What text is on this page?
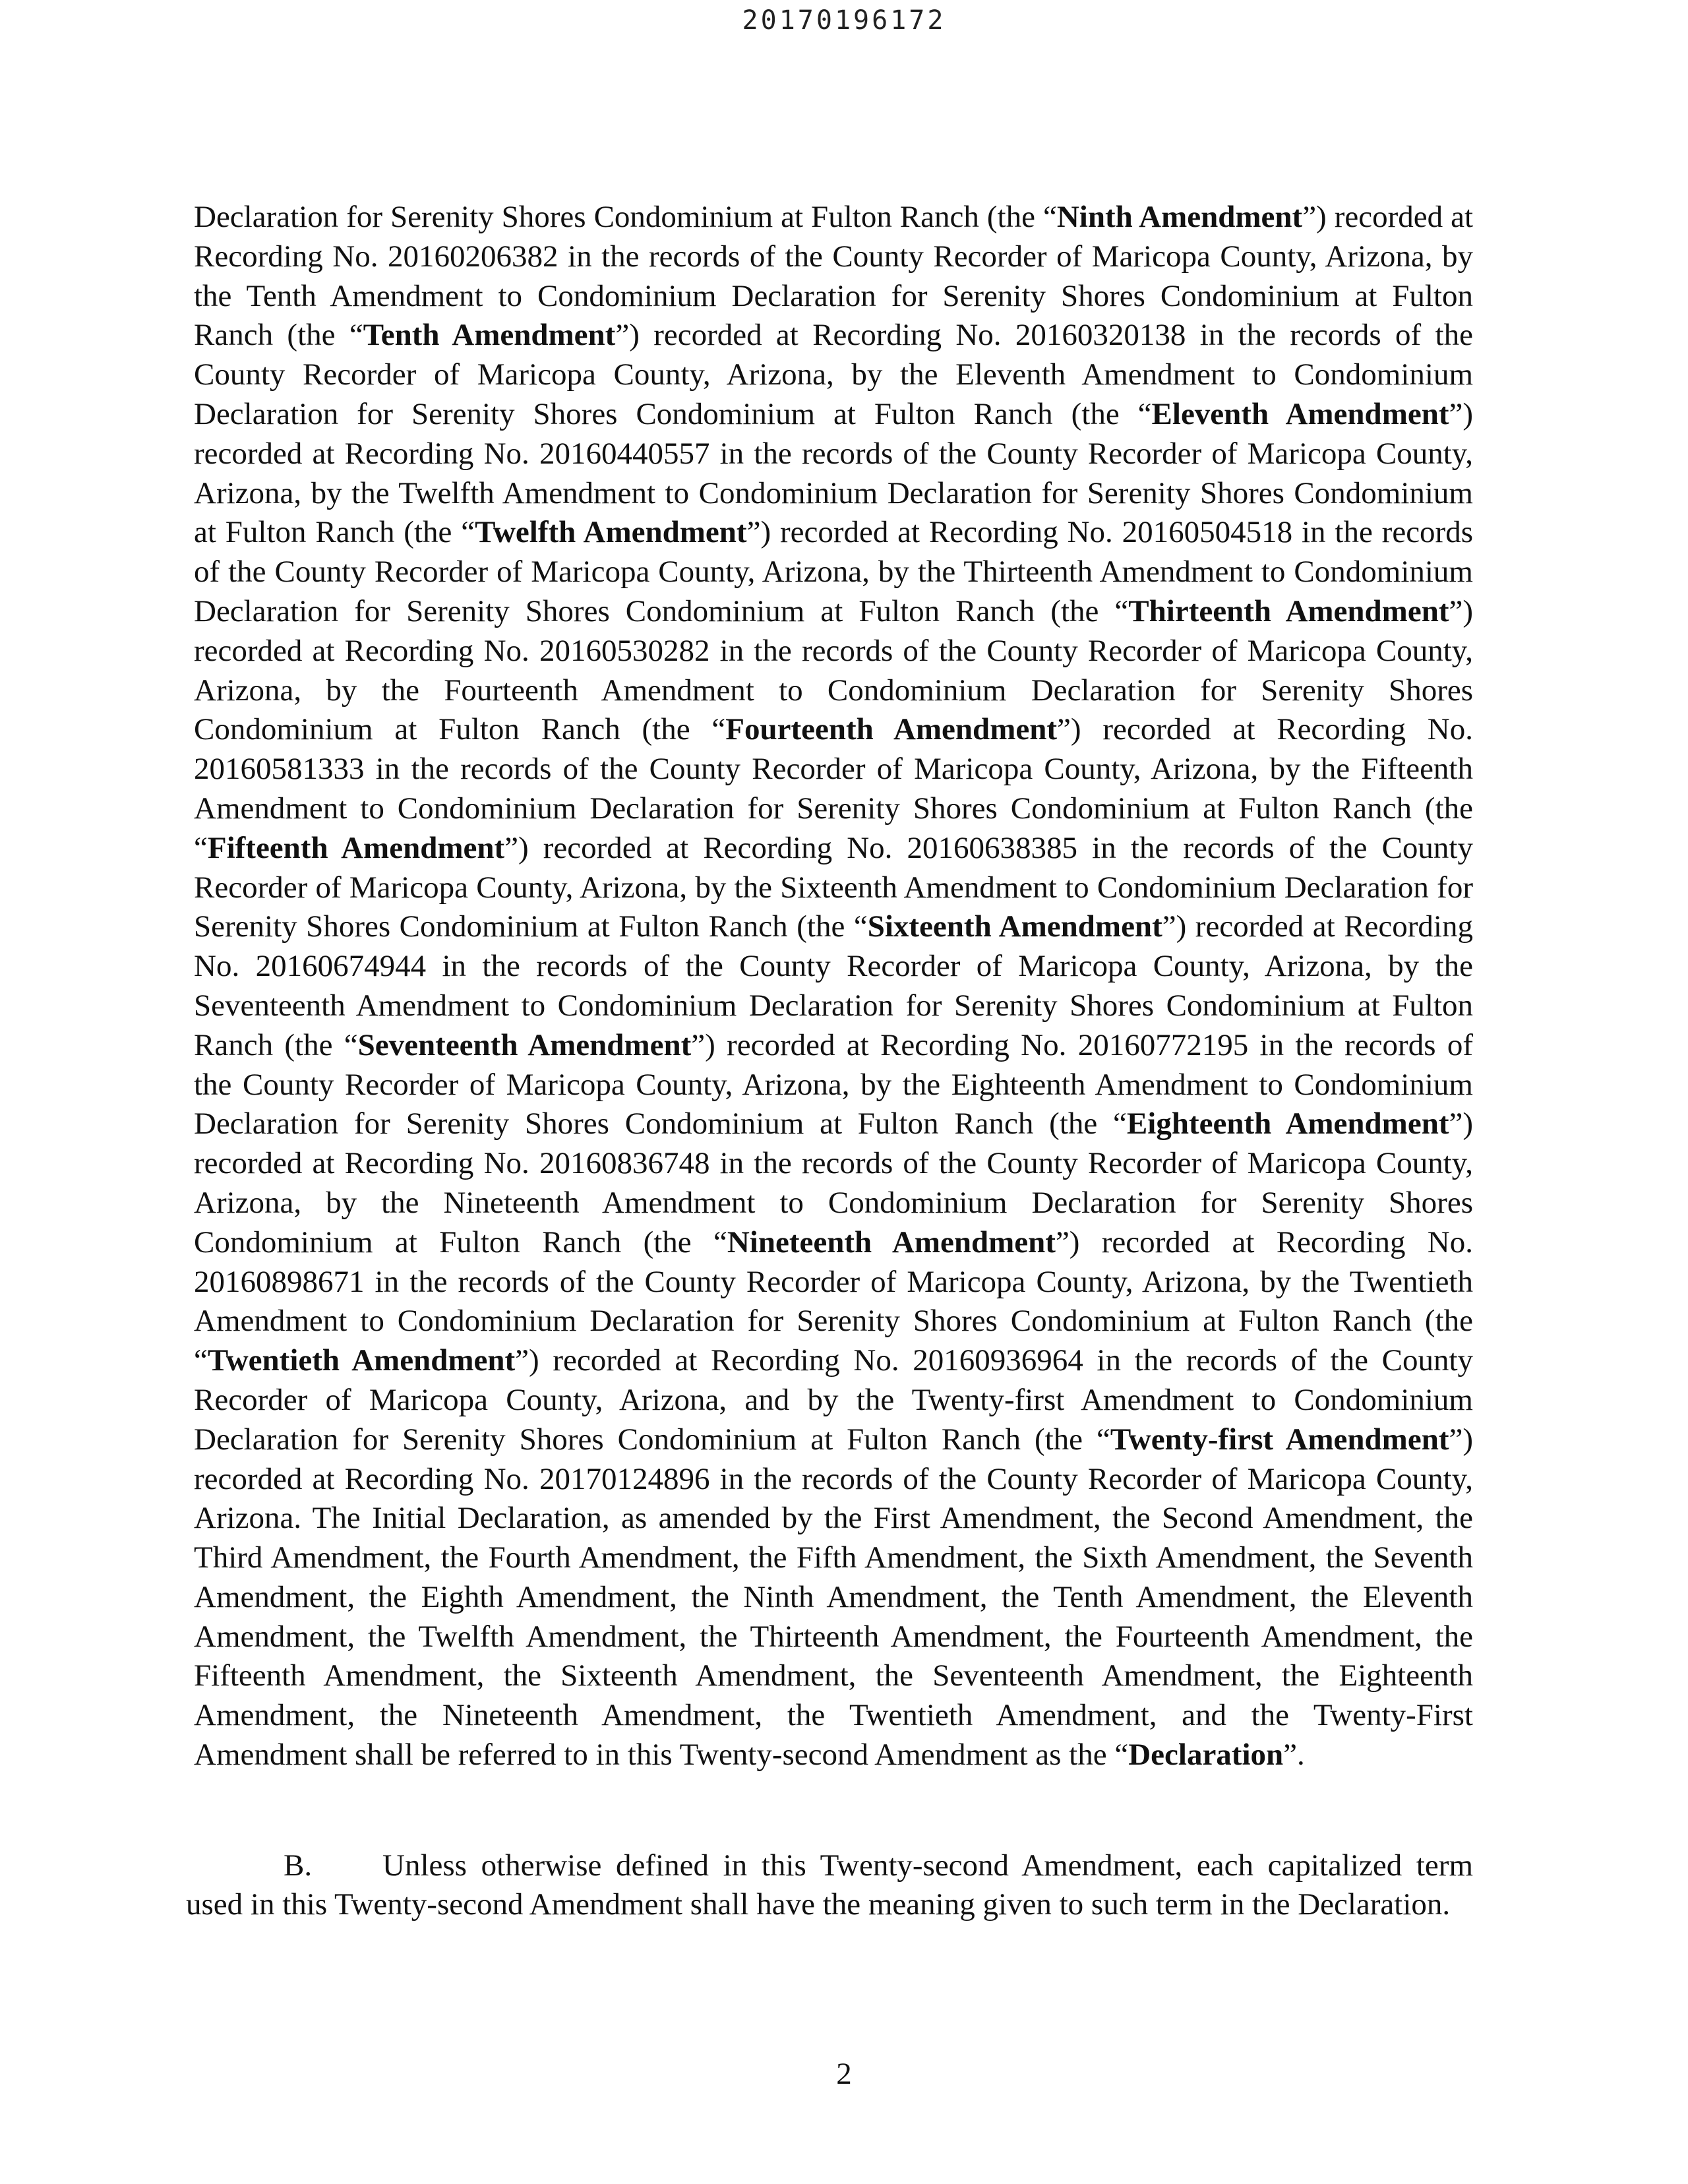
20170196172

Declaration for Serenity Shores Condominium at Fulton Ranch (the “Ninth Amendment”) recorded at Recording No. 20160206382 in the records of the County Recorder of Maricopa County, Arizona, by the Tenth Amendment to Condominium Declaration for Serenity Shores Condominium at Fulton Ranch (the “Tenth Amendment”) recorded at Recording No. 20160320138 in the records of the County Recorder of Maricopa County, Arizona, by the Eleventh Amendment to Condominium Declaration for Serenity Shores Condominium at Fulton Ranch (the “Eleventh Amendment”) recorded at Recording No. 20160440557 in the records of the County Recorder of Maricopa County, Arizona, by the Twelfth Amendment to Condominium Declaration for Serenity Shores Condominium at Fulton Ranch (the “Twelfth Amendment”) recorded at Recording No. 20160504518 in the records of the County Recorder of Maricopa County, Arizona, by the Thirteenth Amendment to Condominium Declaration for Serenity Shores Condominium at Fulton Ranch (the “Thirteenth Amendment”) recorded at Recording No. 20160530282 in the records of the County Recorder of Maricopa County, Arizona, by the Fourteenth Amendment to Condominium Declaration for Serenity Shores Condominium at Fulton Ranch (the “Fourteenth Amendment”) recorded at Recording No. 20160581333 in the records of the County Recorder of Maricopa County, Arizona, by the Fifteenth Amendment to Condominium Declaration for Serenity Shores Condominium at Fulton Ranch (the “Fifteenth Amendment”) recorded at Recording No. 20160638385 in the records of the County Recorder of Maricopa County, Arizona, by the Sixteenth Amendment to Condominium Declaration for Serenity Shores Condominium at Fulton Ranch (the “Sixteenth Amendment”) recorded at Recording No. 20160674944 in the records of the County Recorder of Maricopa County, Arizona, by the Seventeenth Amendment to Condominium Declaration for Serenity Shores Condominium at Fulton Ranch (the “Seventeenth Amendment”) recorded at Recording No. 20160772195 in the records of the County Recorder of Maricopa County, Arizona, by the Eighteenth Amendment to Condominium Declaration for Serenity Shores Condominium at Fulton Ranch (the “Eighteenth Amendment”) recorded at Recording No. 20160836748 in the records of the County Recorder of Maricopa County, Arizona, by the Nineteenth Amendment to Condominium Declaration for Serenity Shores Condominium at Fulton Ranch (the “Nineteenth Amendment”) recorded at Recording No. 20160898671 in the records of the County Recorder of Maricopa County, Arizona, by the Twentieth Amendment to Condominium Declaration for Serenity Shores Condominium at Fulton Ranch (the “Twentieth Amendment”) recorded at Recording No. 20160936964 in the records of the County Recorder of Maricopa County, Arizona, and by the Twenty-first Amendment to Condominium Declaration for Serenity Shores Condominium at Fulton Ranch (the “Twenty-first Amendment”) recorded at Recording No. 20170124896 in the records of the County Recorder of Maricopa County, Arizona. The Initial Declaration, as amended by the First Amendment, the Second Amendment, the Third Amendment, the Fourth Amendment, the Fifth Amendment, the Sixth Amendment, the Seventh Amendment, the Eighth Amendment, the Ninth Amendment, the Tenth Amendment, the Eleventh Amendment, the Twelfth Amendment, the Thirteenth Amendment, the Fourteenth Amendment, the Fifteenth Amendment, the Sixteenth Amendment, the Seventeenth Amendment, the Eighteenth Amendment, the Nineteenth Amendment, the Twentieth Amendment, and the Twenty-First Amendment shall be referred to in this Twenty-second Amendment as the “Declaration”.

B. Unless otherwise defined in this Twenty-second Amendment, each capitalized term used in this Twenty-second Amendment shall have the meaning given to such term in the Declaration.

2
